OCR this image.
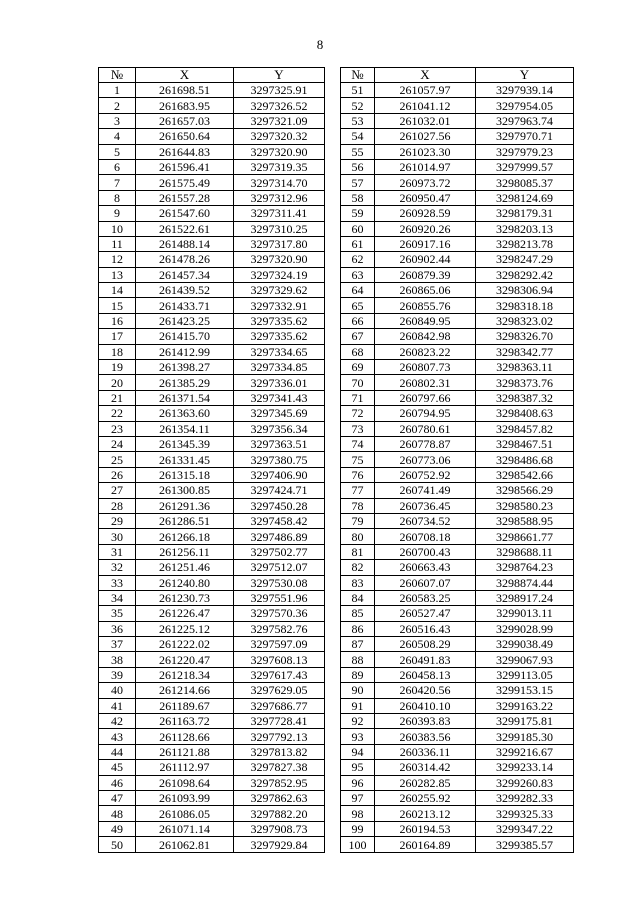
8
№	X	Y		№	X	Y
1	261698.51	3297325.91		51	261057.97	3297939.14
2	261683.95	3297326.52		52	261041.12	3297954.05
3	261657.03	3297321.09		53	261032.01	3297963.74
4	261650.64	3297320.32		54	261027.56	3297970.71
5	261644.83	3297320.90		55	261023.30	3297979.23
6	261596.41	3297319.35		56	261014.97	3297999.57
7	261575.49	3297314.70		57	260973.72	3298085.37
8	261557.28	3297312.96		58	260950.47	3298124.69
9	261547.60	3297311.41		59	260928.59	3298179.31
10	261522.61	3297310.25		60	260920.26	3298203.13
11	261488.14	3297317.80		61	260917.16	3298213.78
12	261478.26	3297320.90		62	260902.44	3298247.29
13	261457.34	3297324.19		63	260879.39	3298292.42
14	261439.52	3297329.62		64	260865.06	3298306.94
15	261433.71	3297332.91		65	260855.76	3298318.18
16	261423.25	3297335.62		66	260849.95	3298323.02
17	261415.70	3297335.62		67	260842.98	3298326.70
18	261412.99	3297334.65		68	260823.22	3298342.77
19	261398.27	3297334.85		69	260807.73	3298363.11
20	261385.29	3297336.01		70	260802.31	3298373.76
21	261371.54	3297341.43		71	260797.66	3298387.32
22	261363.60	3297345.69		72	260794.95	3298408.63
23	261354.11	3297356.34		73	260780.61	3298457.82
24	261345.39	3297363.51		74	260778.87	3298467.51
25	261331.45	3297380.75		75	260773.06	3298486.68
26	261315.18	3297406.90		76	260752.92	3298542.66
27	261300.85	3297424.71		77	260741.49	3298566.29
28	261291.36	3297450.28		78	260736.45	3298580.23
29	261286.51	3297458.42		79	260734.52	3298588.95
30	261266.18	3297486.89		80	260708.18	3298661.77
31	261256.11	3297502.77		81	260700.43	3298688.11
32	261251.46	3297512.07		82	260663.43	3298764.23
33	261240.80	3297530.08		83	260607.07	3298874.44
34	261230.73	3297551.96		84	260583.25	3298917.24
35	261226.47	3297570.36		85	260527.47	3299013.11
36	261225.12	3297582.76		86	260516.43	3299028.99
37	261222.02	3297597.09		87	260508.29	3299038.49
38	261220.47	3297608.13		88	260491.83	3299067.93
39	261218.34	3297617.43		89	260458.13	3299113.05
40	261214.66	3297629.05		90	260420.56	3299153.15
41	261189.67	3297686.77		91	260410.10	3299163.22
42	261163.72	3297728.41		92	260393.83	3299175.81
43	261128.66	3297792.13		93	260383.56	3299185.30
44	261121.88	3297813.82		94	260336.11	3299216.67
45	261112.97	3297827.38		95	260314.42	3299233.14
46	261098.64	3297852.95		96	260282.85	3299260.83
47	261093.99	3297862.63		97	260255.92	3299282.33
48	261086.05	3297882.20		98	260213.12	3299325.33
49	261071.14	3297908.73		99	260194.53	3299347.22
50	261062.81	3297929.84		100	260164.89	3299385.57
